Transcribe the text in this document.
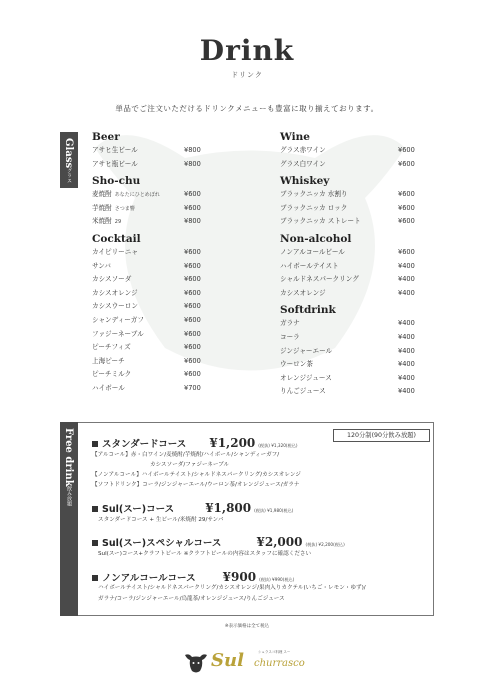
Drink
ドリンク
単品でご注文いただけるドリンクメニューも豊富に取り揃えております。
Glass
グラス
Beer
アサヒ生ビール	¥800
アサヒ瓶ビール	¥800
Sho-chu
麦焼酎 あなたにひとめぼれ	¥600
芋焼酎 さつま響	¥600
米焼酎 29	¥800
Cocktail
カイピリーニャ	¥600
サンバ	¥600
カシスソーダ	¥600
カシスオレンジ	¥600
カシスウーロン	¥600
シャンディーガフ	¥600
ファジーネーブル	¥600
ピーチフィズ	¥600
上海ピーチ	¥600
ピーチミルク	¥600
ハイボール	¥700
Wine
グラス赤ワイン	¥600
グラス白ワイン	¥600
Whiskey
ブラックニッカ 水割り	¥600
ブラックニッカ ロック	¥600
ブラックニッカ ストレート	¥600
Non-alcohol
ノンアルコールビール	¥600
ハイボールテイスト	¥400
シャルドネスパークリング	¥400
カシスオレンジ	¥400
Softdrink
ガラナ	¥400
コーラ	¥400
ジンジャーエール	¥400
ウーロン茶	¥400
オレンジジュース	¥400
りんごジュース	¥400
Free drink
飲み放題
120分制(90分飲み放題)
スタンダードコース ¥1,200 (税抜) ¥1,320(税込)
【アルコール】赤・白ワイン/麦焼酎/芋焼酎/ハイボール/シャンディーガフ/
カシスソーダ/ファジーネーブル
【ノンアルコール】ハイボールテイスト/シャルドネスパークリング/カシスオレンジ
【ソフトドリンク】コーラ/ジンジャーエール/ウーロン茶/オレンジジュース/ガラナ
Sul(スー)コース	¥1,800 (税抜) ¥1,980(税込)
スタンダードコース + 生ビール/米焼酎 29/サンバ
Sul(スー)スペシャルコース	¥2,000 (税抜) ¥2,200(税込)
Sul(スー)コース+クラフトビール ※クラフトビールの内容はスタッフに確認ください
ノンアルコールコース ¥900 (税抜) ¥990(税込)
ハイボールテイスト/シャルドネスパークリング/カシスオレンジ/果肉入りカクテル(いちご・レモン・ゆず)/
ガラナ/コーラ/ジンジャーエール/烏龍茶/オレンジジュース/りんごジュース
※表示価格は全て税込
Sul	シュラスコ料理 スー
churrasco
